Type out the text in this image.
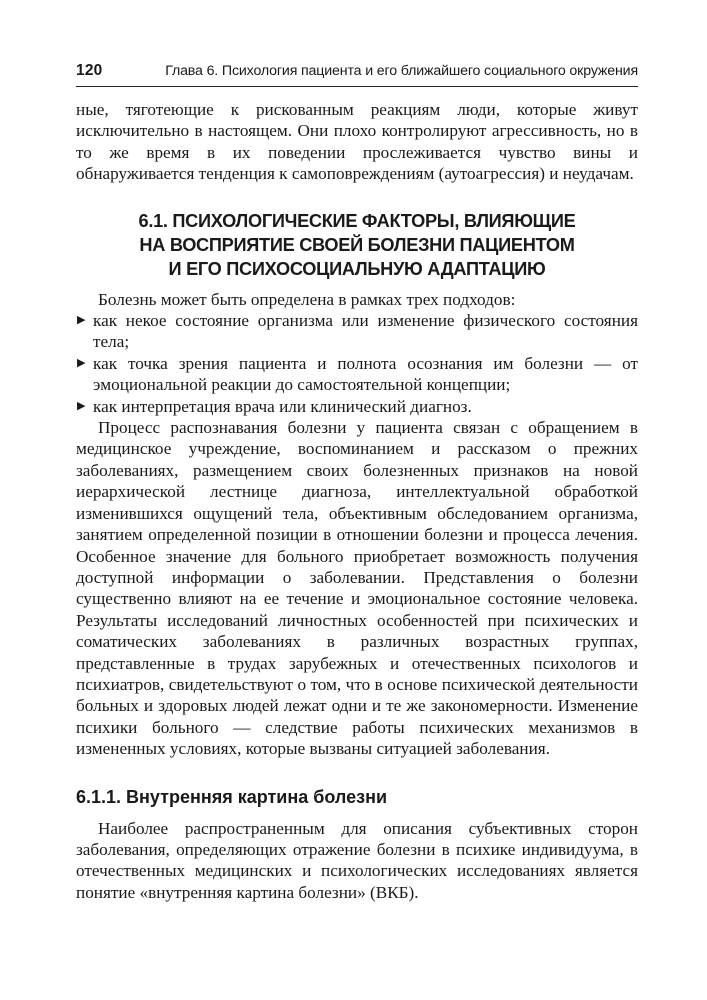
120	Глава 6. Психология пациента и его ближайшего социального окружения

ные, тяготеющие к рискованным реакциям люди, которые живут исключительно в настоящем. Они плохо контролируют агрессивность, но в то же время в их поведении прослеживается чувство вины и обнаруживается тенденция к самоповреждениям (аутоагрессия) и неудачам.

6.1. ПСИХОЛОГИЧЕСКИЕ ФАКТОРЫ, ВЛИЯЮЩИЕ
НА ВОСПРИЯТИЕ СВОЕЙ БОЛЕЗНИ ПАЦИЕНТОМ
И ЕГО ПСИХОСОЦИАЛЬНУЮ АДАПТАЦИЮ

Болезнь может быть определена в рамках трех подходов:

▶ как некое состояние организма или изменение физического состояния тела;
▶ как точка зрения пациента и полнота осознания им болезни — от эмоциональной реакции до самостоятельной концепции;
▶ как интерпретация врача или клинический диагноз.

Процесс распознавания болезни у пациента связан с обращением в медицинское учреждение, воспоминанием и рассказом о прежних заболеваниях, размещением своих болезненных признаков на новой иерархической лестнице диагноза, интеллектуальной обработкой изменившихся ощущений тела, объективным обследованием организма, занятием определенной позиции в отношении болезни и процесса лечения. Особенное значение для больного приобретает возможность получения доступной информации о заболевании. Представления о болезни существенно влияют на ее течение и эмоциональное состояние человека. Результаты исследований личностных особенностей при психических и соматических заболеваниях в различных возрастных группах, представленные в трудах зарубежных и отечественных психологов и психиатров, свидетельствуют о том, что в основе психической деятельности больных и здоровых людей лежат одни и те же закономерности. Изменение психики больного — следствие работы психических механизмов в измененных условиях, которые вызваны ситуацией заболевания.

6.1.1. Внутренняя картина болезни

Наиболее распространенным для описания субъективных сторон заболевания, определяющих отражение болезни в психике индивидуума, в отечественных медицинских и психологических исследованиях является понятие «внутренняя картина болезни» (ВКБ).
